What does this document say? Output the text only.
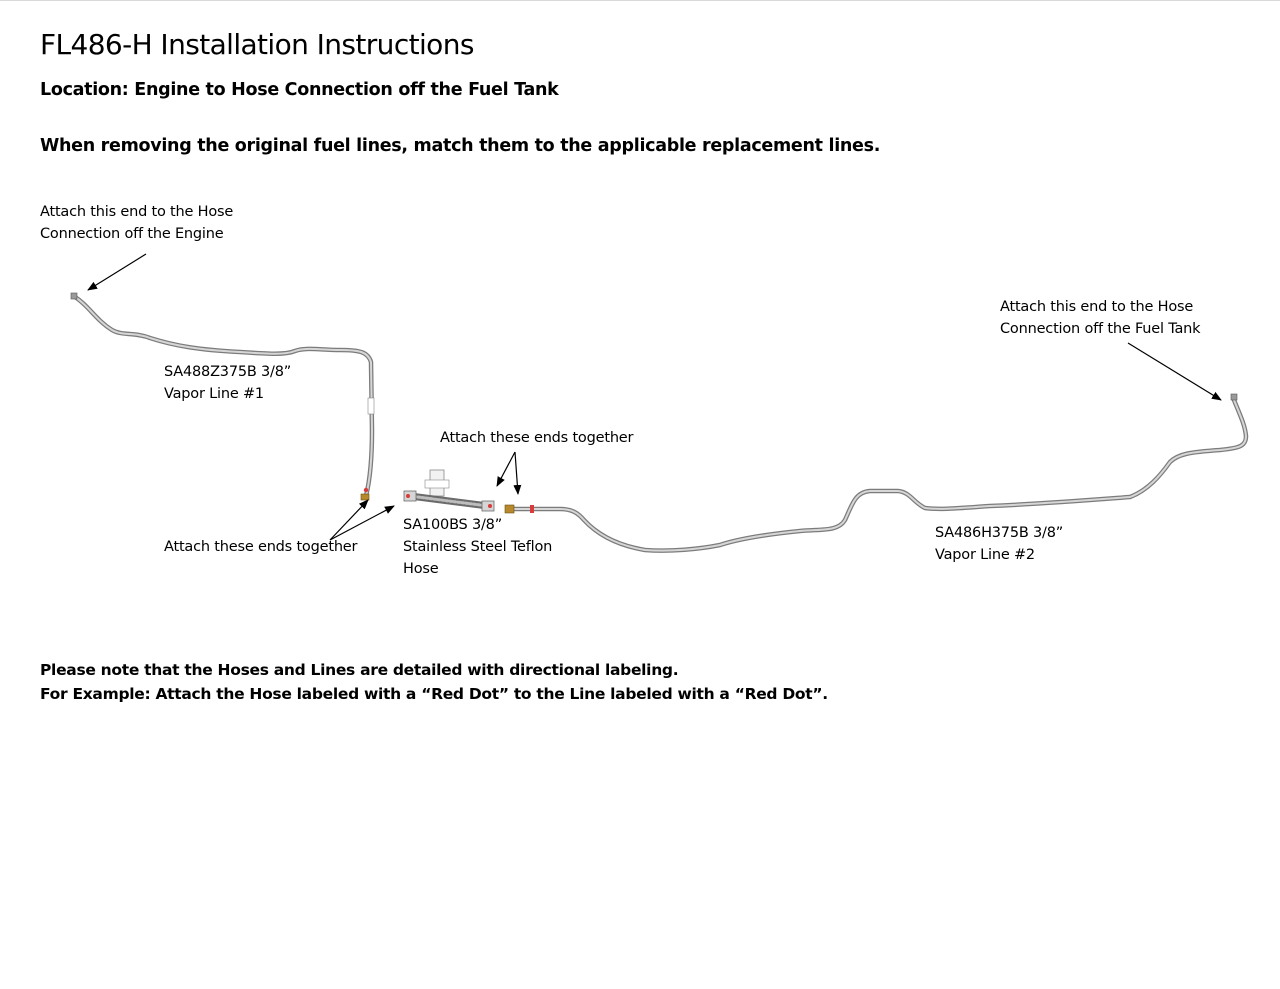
FL486-H Installation Instructions
Location: Engine to Hose Connection off the Fuel Tank
When removing the original fuel lines, match them to the applicable replacement lines.
Attach this end to the Hose
Connection off the Engine
Attach this end to the Hose
Connection off the Fuel Tank
SA488Z375B 3/8”
Vapor Line #1
Attach these ends together
Attach these ends together
SA100BS 3/8”
Stainless Steel Teflon
Hose
SA486H375B 3/8”
Vapor Line #2
Please note that the Hoses and Lines are detailed with directional labeling.
For Example: Attach the Hose labeled with a “Red Dot” to the Line labeled with a “Red Dot”.
